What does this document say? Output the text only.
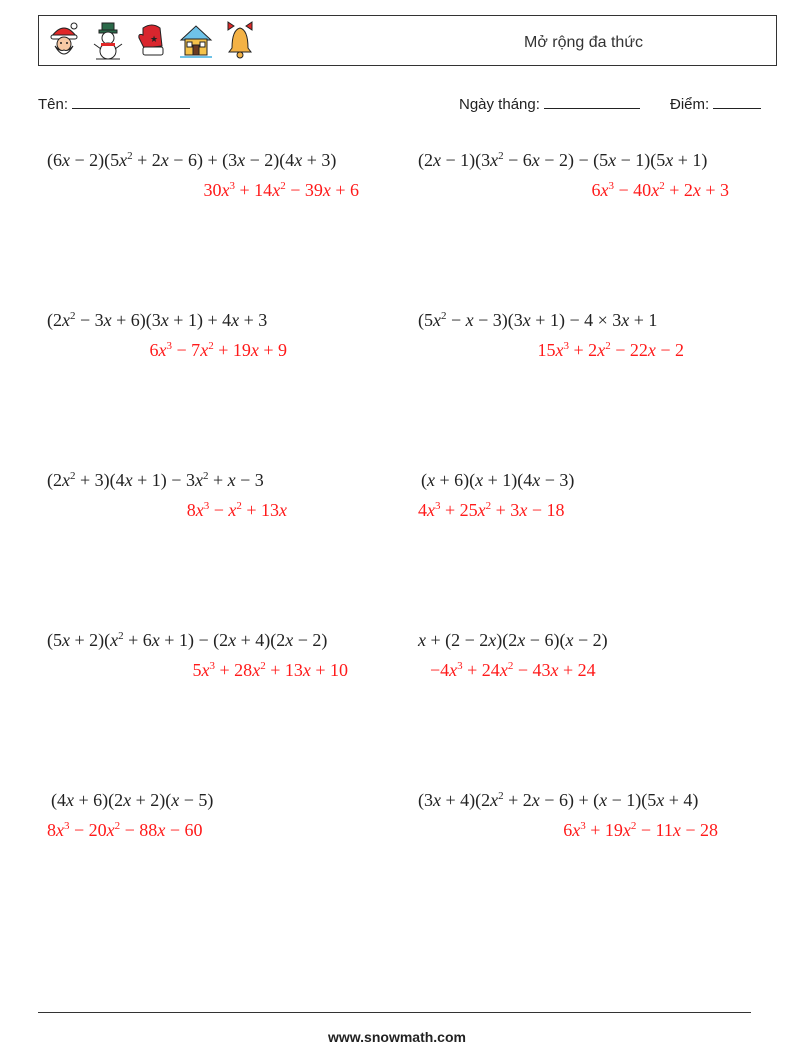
★	Mở rộng đa thức
Tên:	Ngày tháng:	Điểm:
$(6x - 2)(5x^2 + 2x - 6) + (3x - 2)(4x + 3)$
$30x^3 + 14x^2 - 39x + 6$
$(2x - 1)(3x^2 - 6x - 2) - (5x - 1)(5x + 1)$
$6x^3 - 40x^2 + 2x + 3$
$(2x^2 - 3x + 6)(3x + 1) + 4x + 3$
$6x^3 - 7x^2 + 19x + 9$
$(5x^2 - x - 3)(3x + 1) - 4 \times 3x + 1$
$15x^3 + 2x^2 - 22x - 2$
$(2x^2 + 3)(4x + 1) - 3x^2 + x - 3$
$8x^3 - x^2 + 13x$
(x + 6)(x + 1)(4x − 3)
$4x^3 + 25x^2 + 3x - 18$
$(5x + 2)(x^2 + 6x + 1) - (2x + 4)(2x - 2)$
$5x^3 + 28x^2 + 13x + 10$
x + (2 − 2x)(2x − 6)(x − 2)
$-4x^3 + 24x^2 - 43x + 24$
(4x + 6)(2x + 2)(x − 5)
$8x^3 - 20x^2 - 88x - 60$
$(3x + 4)(2x^2 + 2x - 6) + (x - 1)(5x + 4)$
$6x^3 + 19x^2 - 11x - 28$
www.snowmath.com
